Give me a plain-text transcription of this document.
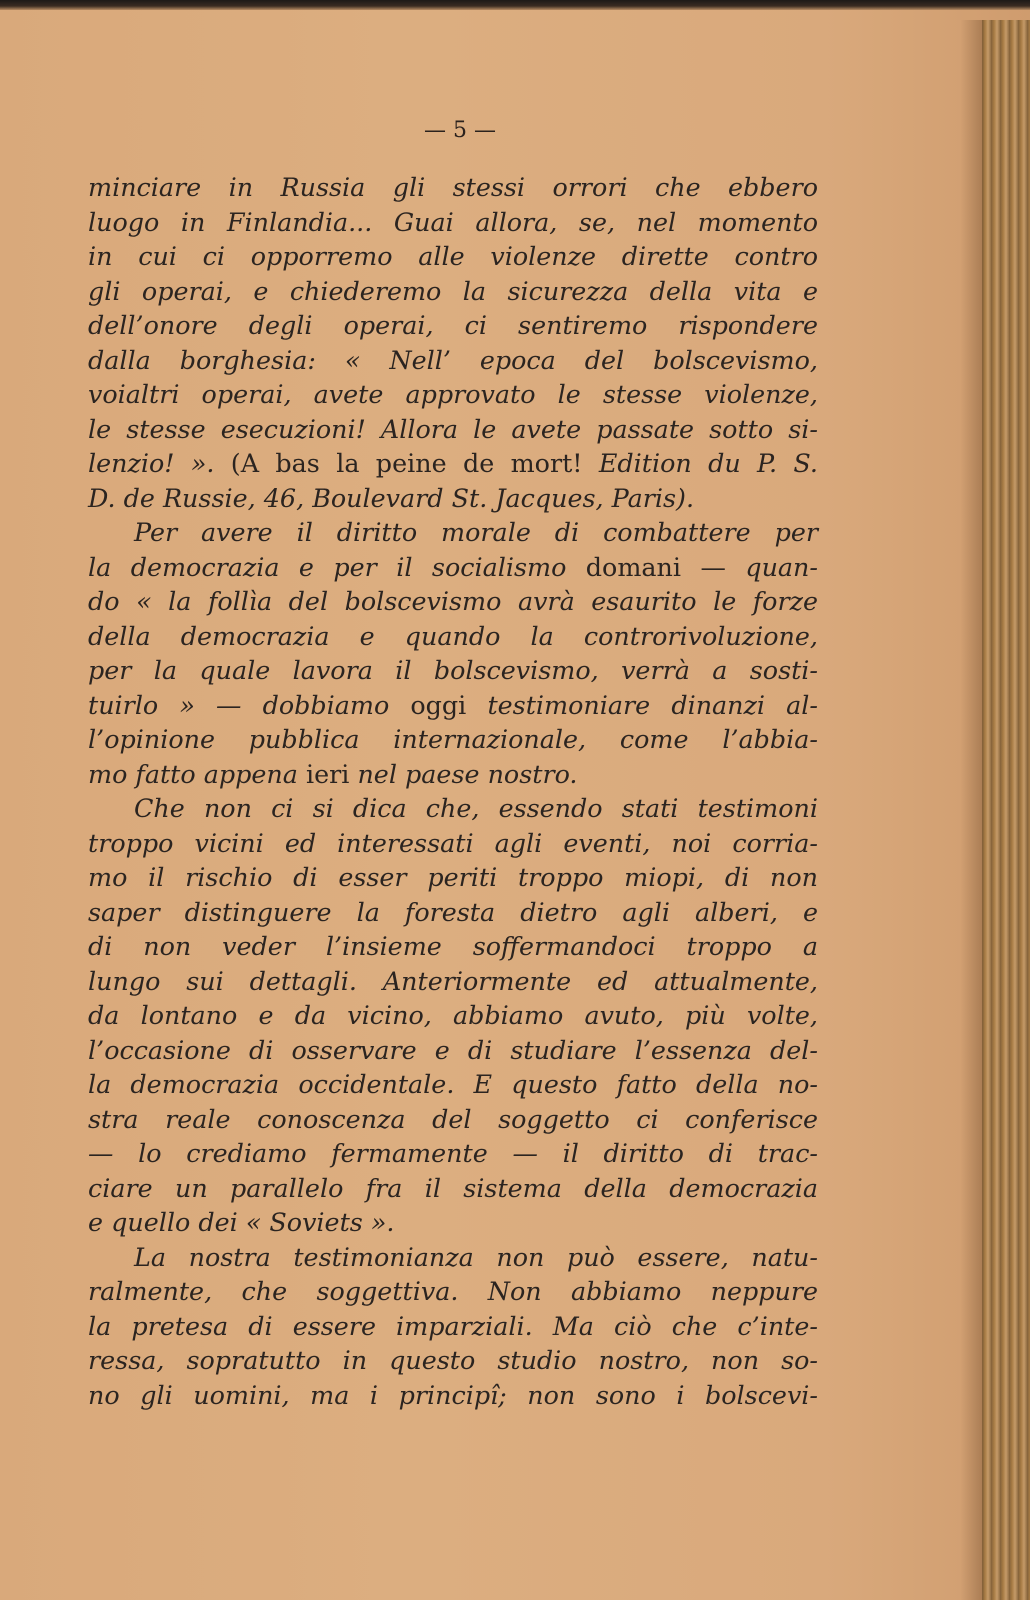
— 5 —
minciare in Russia gli stessi orrori che ebbero
luogo in Finlandia... Guai allora, se, nel momento
in cui ci opporremo alle violenze dirette contro
gli operai, e chiederemo la sicurezza della vita e
dell’onore degli operai, ci sentiremo rispondere
dalla borghesia: « Nell’ epoca del bolscevismo,
voialtri operai, avete approvato le stesse violenze,
le stesse esecuzioni! Allora le avete passate sotto si-
lenzio! ». (A bas la peine de mort! Edition du P. S.
D. de Russie, 46, Boulevard St. Jacques, Paris).
Per avere il diritto morale di combattere per
la democrazia e per il socialismo domani — quan-
do « la follìa del bolscevismo avrà esaurito le forze
della democrazia e quando la controrivoluzione,
per la quale lavora il bolscevismo, verrà a sosti-
tuirlo » — dobbiamo oggi testimoniare dinanzi al-
l’opinione pubblica internazionale, come l’abbia-
mo fatto appena ieri nel paese nostro.
Che non ci si dica che, essendo stati testimoni
troppo vicini ed interessati agli eventi, noi corria-
mo il rischio di esser periti troppo miopi, di non
saper distinguere la foresta dietro agli alberi, e
di non veder l’insieme soffermandoci troppo a
lungo sui dettagli. Anteriormente ed attualmente,
da lontano e da vicino, abbiamo avuto, più volte,
l’occasione di osservare e di studiare l’essenza del-
la democrazia occidentale. E questo fatto della no-
stra reale conoscenza del soggetto ci conferisce
— lo crediamo fermamente — il diritto di trac-
ciare un parallelo fra il sistema della democrazia
e quello dei « Soviets ».
La nostra testimonianza non può essere, natu-
ralmente, che soggettiva. Non abbiamo neppure
la pretesa di essere imparziali. Ma ciò che c’inte-
ressa, sopratutto in questo studio nostro, non so-
no gli uomini, ma i principî; non sono i bolscevi-
